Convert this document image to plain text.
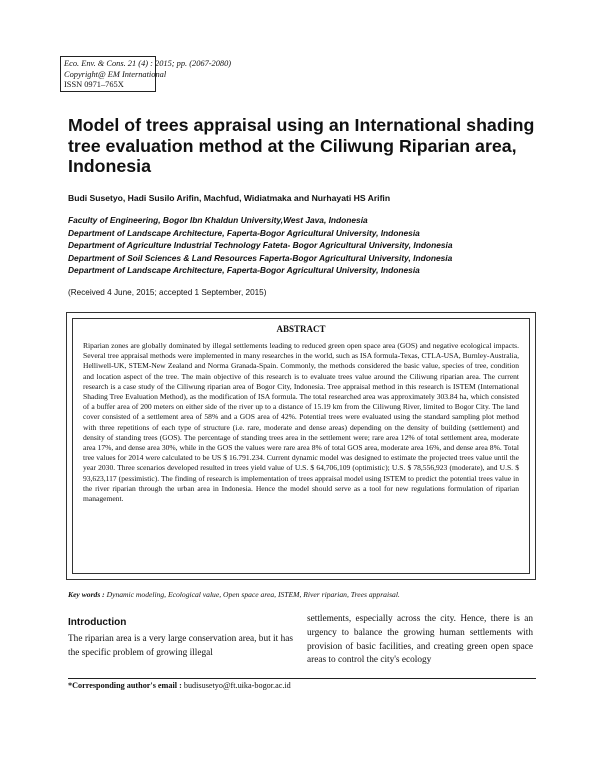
Eco. Env. & Cons. 21 (4) : 2015; pp. (2067-2080)
Copyright@ EM International
ISSN 0971–765X
Model of trees appraisal using an International shading tree evaluation method at the Ciliwung Riparian area, Indonesia
Budi Susetyo, Hadi Susilo Arifin, Machfud, Widiatmaka and Nurhayati HS Arifin
Faculty of Engineering, Bogor Ibn Khaldun University,West Java, Indonesia
Department of Landscape Architecture, Faperta-Bogor Agricultural University, Indonesia
Department of Agriculture Industrial Technology Fateta- Bogor Agricultural University, Indonesia
Department of Soil Sciences & Land Resources Faperta-Bogor Agricultural University, Indonesia
Department of Landscape Architecture, Faperta-Bogor Agricultural University, Indonesia
(Received 4 June, 2015; accepted 1 September, 2015)
ABSTRACT
Riparian zones are globally dominated by illegal settlements leading to reduced green open space area (GOS) and negative ecological impacts. Several tree appraisal methods were implemented in many researches in the world, such as ISA formula-Texas, CTLA-USA, Burnley-Australia, Helliwell-UK, STEM-New Zealand and Norma Granada-Spain. Commonly, the methods considered the basic value, species of tree, condition and location aspect of the tree. The main objective of this research is to evaluate trees value around the Ciliwung riparian area. The current research is a case study of the Ciliwung riparian area of Bogor City, Indonesia. Tree appraisal method in this research is ISTEM (International Shading Tree Evaluation Method), as the modification of ISA formula. The total researched area was approximately 303.84 ha, which consisted of a buffer area of 200 meters on either side of the river up to a distance of 15.19 km from the Ciliwung River, limited to Bogor City. The land cover consisted of a settlement area of 58% and a GOS area of 42%. Potential trees were evaluated using the standard sampling plot method with three repetitions of each type of structure (i.e. rare, moderate and dense areas) depending on the density of building (settlement) and density of standing trees (GOS). The percentage of standing trees area in the settlement were; rare area 12% of total settlement area, moderate area 17%, and dense area 30%, while in the GOS the values were rare area 8% of total GOS area, moderate area 16%, and dense area 8%. Total tree values for 2014 were calculated to be US $ 16.791.234. Current dynamic model was designed to estimate the projected trees value until the year 2030. Three scenarios developed resulted in trees yield value of U.S. $ 64,706,109 (optimistic); U.S. $ 78,556,923 (moderate), and U.S. $ 93,623,117 (pessimistic). The finding of research is implementation of trees appraisal model using ISTEM to predict the potential trees value in the river riparian through the urban area in Indonesia. Hence the model should serve as a tool for new regulations formulation of riparian management.
Key words : Dynamic modeling, Ecological value, Open space area, ISTEM, River riparian, Trees appraisal.
Introduction
The riparian area is a very large conservation area, but it has the specific problem of growing illegal
settlements, especially across the city. Hence, there is an urgency to balance the growing human settlements with provision of basic facilities, and creating green open space areas to control the city's ecology
*Corresponding author's email : budisusetyo@ft.uika-bogor.ac.id
